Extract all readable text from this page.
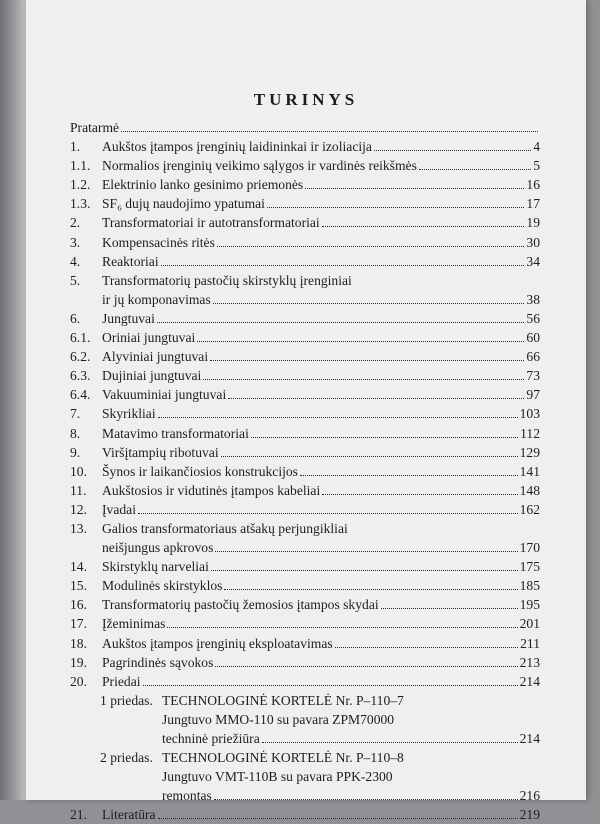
TURINYS
Pratarmė
1.	Aukštos įtampos įrenginių laidininkai ir izoliacija	4
1.1. Normalios įrenginių veikimo sąlygos ir vardinės reikšmės	5
1.2. Elektrinio lanko gesinimo priemonės	16
1.3. SF₆ dujų naudojimo ypatumai	17
2.	Transformatoriai ir autotransformatoriai	19
3.	Kompensacinės ritės	30
4.	Reaktoriai	34
5.	Transformatorių pastočių skirstyklų įrenginiai
ir jų komponavimas	38
6.	Jungtuvai	56
6.1. Oriniai jungtuvai	60
6.2. Alyviniai jungtuvai	66
6.3. Dujiniai jungtuvai	73
6.4. Vakuuminiai jungtuvai	97
7.	Skyrikliai	103
8.	Matavimo transformatoriai	112
9.	Viršįtampių ribotuvai	129
10.	Šynos ir laikančiosios konstrukcijos	141
11.	Aukštosios ir vidutinės įtampos kabeliai	148
12.	Įvadai	162
13.	Galios transformatoriaus atšakų perjungikliai
neišjungus apkrovos	170
14.	Skirstyklų narveliai	175
15.	Modulinės skirstyklos	185
16.	Transformatorių pastočių žemosios įtampos skydai	195
17.	Įžeminimas	201
18.	Aukštos įtampos įrenginių eksploatavimas	211
19.	Pagrindinės sąvokos	213
20.	Priedai	214
1 priedas. TECHNOLOGINĖ KORTELĖ Nr. P–110–7
Jungtuvo MMO-110 su pavara ZPM70000
techninė priežiūra	214
2 priedas. TECHNOLOGINĖ KORTELĖ Nr. P–110–8
Jungtuvo VMT-110B su pavara PPK-2300
remontas	216
21.	Literatūra	219
